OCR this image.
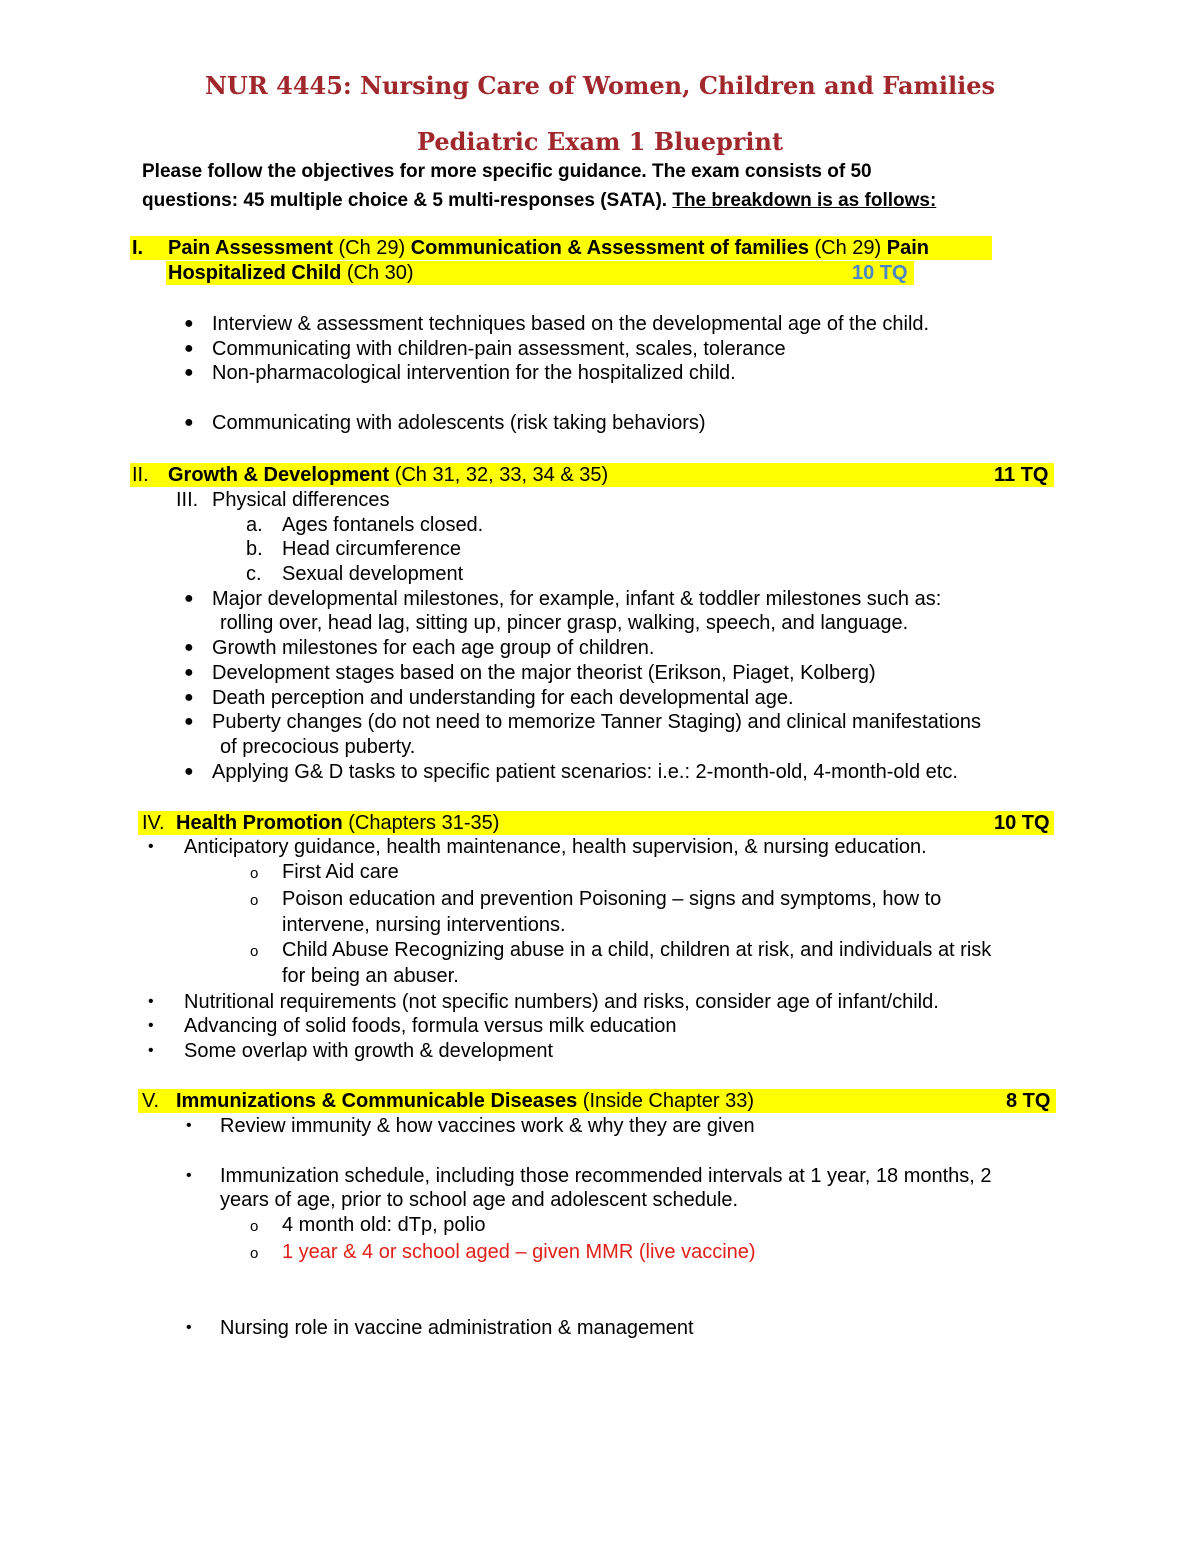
NUR 4445: Nursing Care of Women, Children and Families
Pediatric Exam 1 Blueprint
Please follow the objectives for more specific guidance. The exam consists of 50
questions: 45 multiple choice & 5 multi-responses (SATA). The breakdown is as follows:
I. Pain Assessment (Ch 29) Communication & Assessment of families (Ch 29) Pain
Hospitalized Child (Ch 30)	10 TQ
● Interview & assessment techniques based on the developmental age of the child.
● Communicating with children-pain assessment, scales, tolerance
● Non-pharmacological intervention for the hospitalized child.
● Communicating with adolescents (risk taking behaviors)
II. Growth & Development (Ch 31, 32, 33, 34 & 35)	11 TQ
III. Physical differences
a. Ages fontanels closed.
b. Head circumference
c. Sexual development
● Major developmental milestones, for example, infant & toddler milestones such as:
rolling over, head lag, sitting up, pincer grasp, walking, speech, and language.
● Growth milestones for each age group of children.
● Development stages based on the major theorist (Erikson, Piaget, Kolberg)
● Death perception and understanding for each developmental age.
● Puberty changes (do not need to memorize Tanner Staging) and clinical manifestations
of precocious puberty.
● Applying G& D tasks to specific patient scenarios: i.e.: 2-month-old, 4-month-old etc.
IV. Health Promotion (Chapters 31-35)	10 TQ
• Anticipatory guidance, health maintenance, health supervision, & nursing education.
o First Aid care
o Poison education and prevention Poisoning – signs and symptoms, how to
intervene, nursing interventions.
o Child Abuse Recognizing abuse in a child, children at risk, and individuals at risk
for being an abuser.
• Nutritional requirements (not specific numbers) and risks, consider age of infant/child.
• Advancing of solid foods, formula versus milk education
• Some overlap with growth & development
V. Immunizations & Communicable Diseases (Inside Chapter 33)	8 TQ
• Review immunity & how vaccines work & why they are given
• Immunization schedule, including those recommended intervals at 1 year, 18 months, 2
years of age, prior to school age and adolescent schedule.
o 4 month old: dTp, polio
o 1 year & 4 or school aged – given MMR (live vaccine)
• Nursing role in vaccine administration & management
